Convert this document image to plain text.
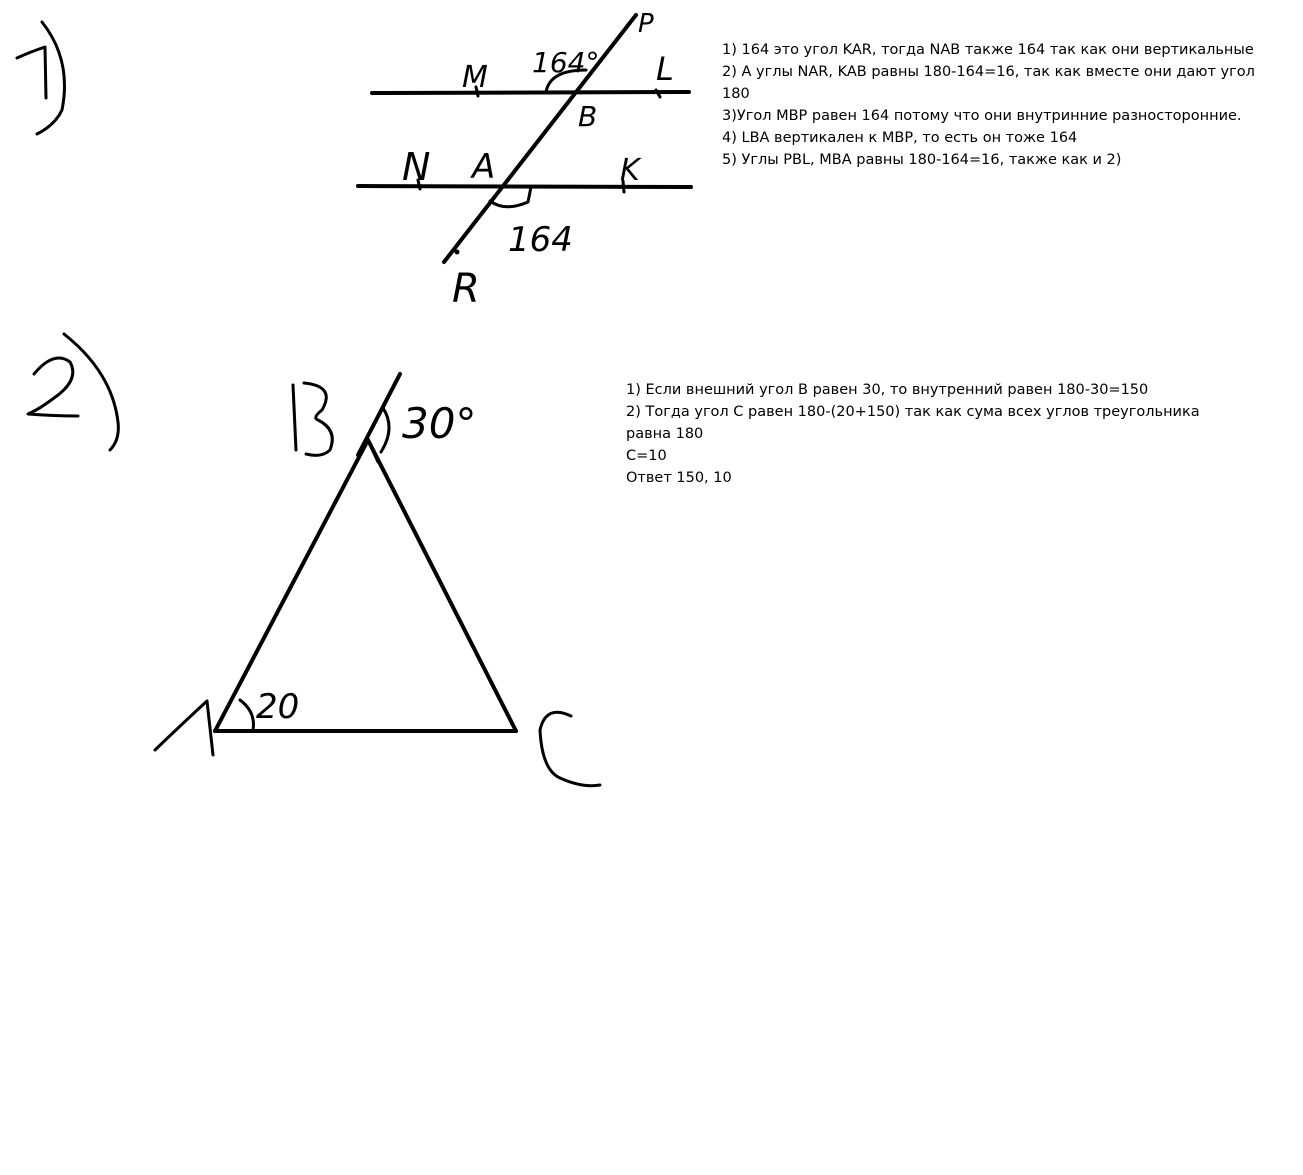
M 164° L
B
P
N A	K
164
R
20
30°
1) 164 это угол KAR, тогда NAB также 164 так как они вертикальные
2) А углы NAR, KAB равны 180-164=16, так как вместе они дают угол
180
3)Угол MBP равен 164 потому что они внутринние разносторонние.
4) LBA вертикален к MBP, то есть он тоже 164
5) Углы PBL, MBA равны 180-164=16, также как и 2)
1) Если внешний угол В равен 30, то внутренний равен 180-30=150
2) Тогда угол С равен 180-(20+150) так как сума всех углов треугольника
равна 180
С=10
Ответ 150, 10
